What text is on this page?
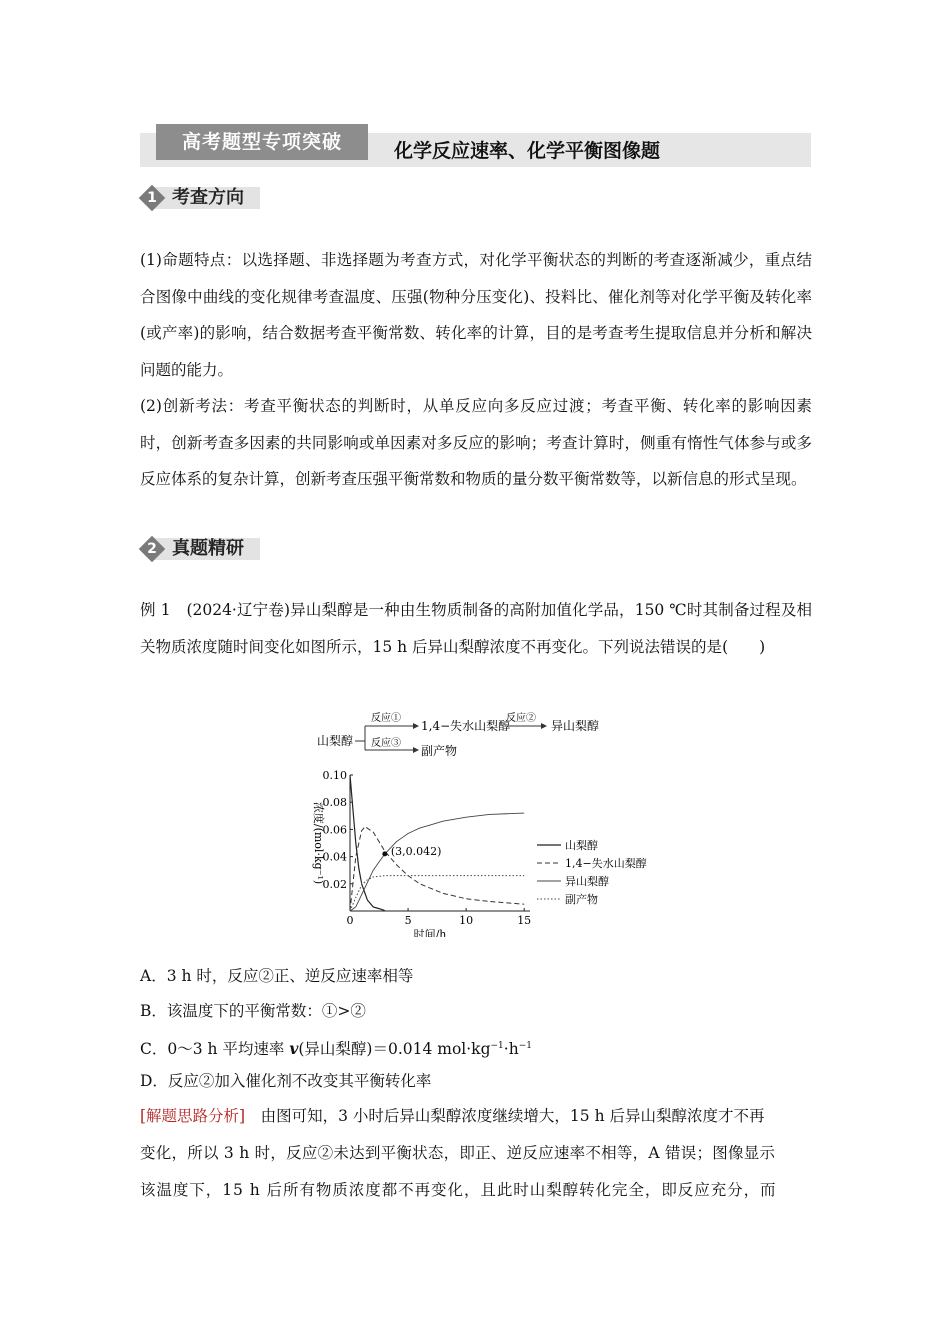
高考题型专项突破	化学反应速率、化学平衡图像题
1 考查方向
(1)命题特点：以选择题、非选择题为考查方式，对化学平衡状态的判断的考查逐渐减少，重点结合图像中曲线的变化规律考查温度、压强(物种分压变化)、投料比、催化剂等对化学平衡及转化率(或产率)的影响，结合数据考查平衡常数、转化率的计算，目的是考查考生提取信息并分析和解决问题的能力。
(2)创新考法：考查平衡状态的判断时，从单反应向多反应过渡；考查平衡、转化率的影响因素时，创新考查多因素的共同影响或单因素对多反应的影响；考查计算时，侧重有惰性气体参与或多反应体系的复杂计算，创新考查压强平衡常数和物质的量分数平衡常数等，以新信息的形式呈现。
2 真题精研
例 1　 (2024·辽宁卷)异山梨醇是一种由生物质制备的高附加值化学品，150 ℃时其制备过程及相关物质浓度随时间变化如图所示，15 h 后异山梨醇浓度不再变化。下列说法错误的是(　　)
山梨醇
反应①
1,4−失水山梨醇
反应②
异山梨醇
反应③
副产物
0	5	10	15
0.02
0.04
0.06
0.08
0.10
时间/h
浓度/(mol·kg⁻¹)	(3,0.042)	山梨醇
1,4−失水山梨醇
异山梨醇
副产物
A．3 h 时，反应②正、逆反应速率相等
B．该温度下的平衡常数：①>②
C．0～3 h 平均速率 v(异山梨醇)＝0.014 $mol\cdot kg^{-1}\cdot h^{-1}$
D．反应②加入催化剂不改变其平衡转化率
[解题思路分析]　 由图可知，3 小时后异山梨醇浓度继续增大，15 h 后异山梨醇浓度才不再
变化，所以 3 h 时，反应②未达到平衡状态，即正、逆反应速率不相等，A 错误；图像显示
该温度下，15 h 后所有物质浓度都不再变化，且此时山梨醇转化完全，即反应充分，而
